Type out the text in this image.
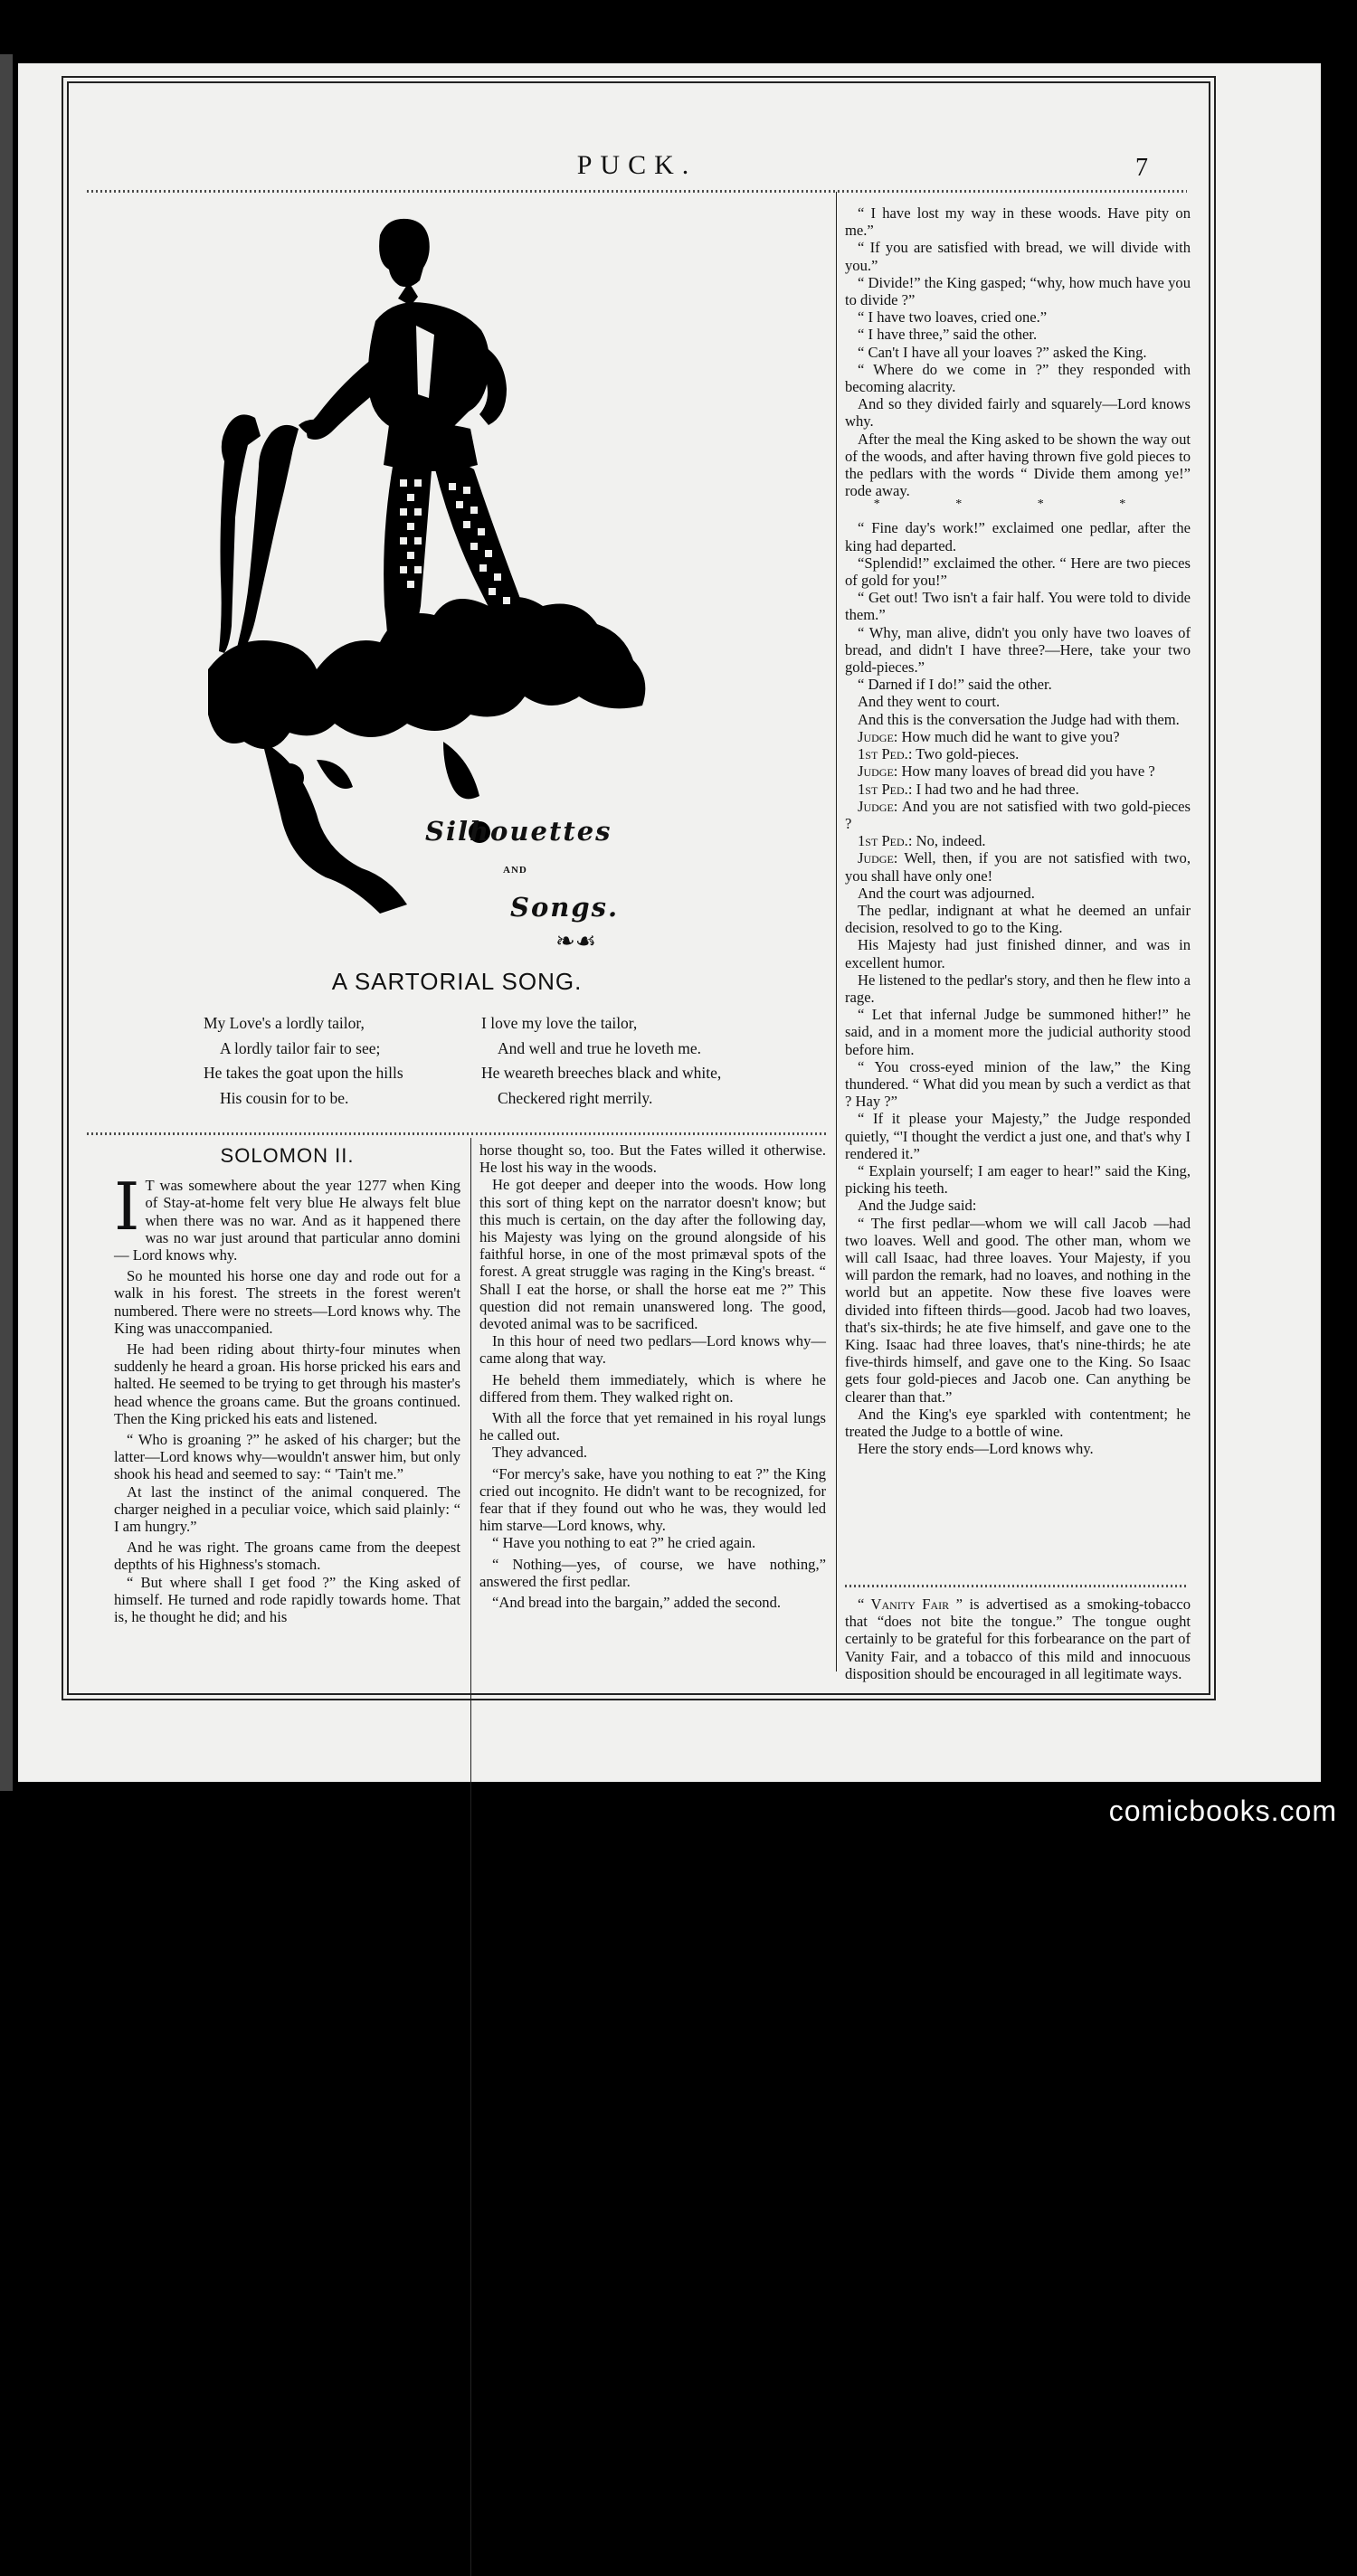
PUCK.	7
Silhouettes
AND
Songs.
❧☙
A SARTORIAL SONG.
My Love's a lordly tailor,
A lordly tailor fair to see;
He takes the goat upon the hills
His cousin for to be.
I love my love the tailor,
And well and true he loveth me.
He weareth breeches black and white,
Checkered right merrily.
SOLOMON II.

I T was somewhere about the year 1277 when King of Stay-at-home felt very blue He always felt blue when there was no war. And as it happened there was no war just around that particular anno domini — Lord knows why.

So he mounted his horse one day and rode out for a walk in his forest. The streets in the forest weren't numbered. There were no streets—Lord knows why. The King was unaccompanied.

He had been riding about thirty-four minutes when suddenly he heard a groan. His horse pricked his ears and halted. He seemed to be trying to get through his master's head whence the groans came. But the groans continued. Then the King pricked his eats and listened.

“ Who is groaning ?” he asked of his charger; but the latter—Lord knows why—wouldn't answer him, but only shook his head and seemed to say: “ 'Tain't me.”

At last the instinct of the animal conquered. The charger neighed in a peculiar voice, which said plainly: “ I am hungry.”

And he was right. The groans came from the deepest depthts of his Highness's stomach.

“ But where shall I get food ?” the King asked of himself. He turned and rode rapidly towards home. That is, he thought he did; and his

horse thought so, too. But the Fates willed it otherwise. He lost his way in the woods.

He got deeper and deeper into the woods. How long this sort of thing kept on the narrator doesn't know; but this much is certain, on the day after the following day, his Majesty was lying on the ground alongside of his faithful horse, in one of the most primæval spots of the forest. A great struggle was raging in the King's breast. “ Shall I eat the horse, or shall the horse eat me ?” This question did not remain unanswered long. The good, devoted animal was to be sacrificed.

In this hour of need two pedlars—Lord knows why—came along that way.

He beheld them immediately, which is where he differed from them. They walked right on.

With all the force that yet remained in his royal lungs he called out.

They advanced.

“For mercy's sake, have you nothing to eat ?” the King cried out incognito. He didn't want to be recognized, for fear that if they found out who he was, they would led him starve—Lord knows, why.

“ Have you nothing to eat ?” he cried again.

“ Nothing—yes, of course, we have nothing,” answered the first pedlar.

“And bread into the bargain,” added the second.

“ I have lost my way in these woods. Have pity on me.”

“ If you are satisfied with bread, we will divide with you.”

“ Divide!” the King gasped; “why, how much have you to divide ?”

“ I have two loaves, cried one.”

“ I have three,” said the other.

“ Can't I have all your loaves ?” asked the King.

“ Where do we come in ?” they responded with becoming alacrity.

And so they divided fairly and squarely—Lord knows why.

After the meal the King asked to be shown the way out of the woods, and after having thrown five gold pieces to the pedlars with the words “ Divide them among ye!” rode away.

* * * *

“ Fine day's work!” exclaimed one pedlar, after the king had departed.

“Splendid!” exclaimed the other. “ Here are two pieces of gold for you!”

“ Get out! Two isn't a fair half. You were told to divide them.”

“ Why, man alive, didn't you only have two loaves of bread, and didn't I have three?—Here, take your two gold-pieces.”

“ Darned if I do!” said the other.

And they went to court.

And this is the conversation the Judge had with them.

Judge: How much did he want to give you?

1st Ped.: Two gold-pieces.

Judge: How many loaves of bread did you have ?

1st Ped.: I had two and he had three.

Judge: And you are not satisfied with two gold-pieces ?

1st Ped.: No, indeed.

Judge: Well, then, if you are not satisfied with two, you shall have only one!

And the court was adjourned.

The pedlar, indignant at what he deemed an unfair decision, resolved to go to the King.

His Majesty had just finished dinner, and was in excellent humor.

He listened to the pedlar's story, and then he flew into a rage.

“ Let that infernal Judge be summoned hither!” he said, and in a moment more the judicial authority stood before him.

“ You cross-eyed minion of the law,” the King thundered. “ What did you mean by such a verdict as that ? Hay ?”

“ If it please your Majesty,” the Judge responded quietly, “'I thought the verdict a just one, and that's why I rendered it.”

“ Explain yourself; I am eager to hear!” said the King, picking his teeth.

And the Judge said:

“ The first pedlar—whom we will call Jacob —had two loaves. Well and good. The other man, whom we will call Isaac, had three loaves. Your Majesty, if you will pardon the remark, had no loaves, and nothing in the world but an appetite. Now these five loaves were divided into fifteen thirds—good. Jacob had two loaves, that's six-thirds; he ate five himself, and gave one to the King. Isaac had three loaves, that's nine-thirds; he ate five-thirds himself, and gave one to the King. So Isaac gets four gold-pieces and Jacob one. Can anything be clearer than that.”

And the King's eye sparkled with contentment; he treated the Judge to a bottle of wine.

Here the story ends—Lord knows why.

“ Vanity Fair ” is advertised as a smoking-tobacco that “does not bite the tongue.” The tongue ought certainly to be grateful for this forbearance on the part of Vanity Fair, and a tobacco of this mild and innocuous disposition should be encouraged in all legitimate ways.

comicbooks.com
